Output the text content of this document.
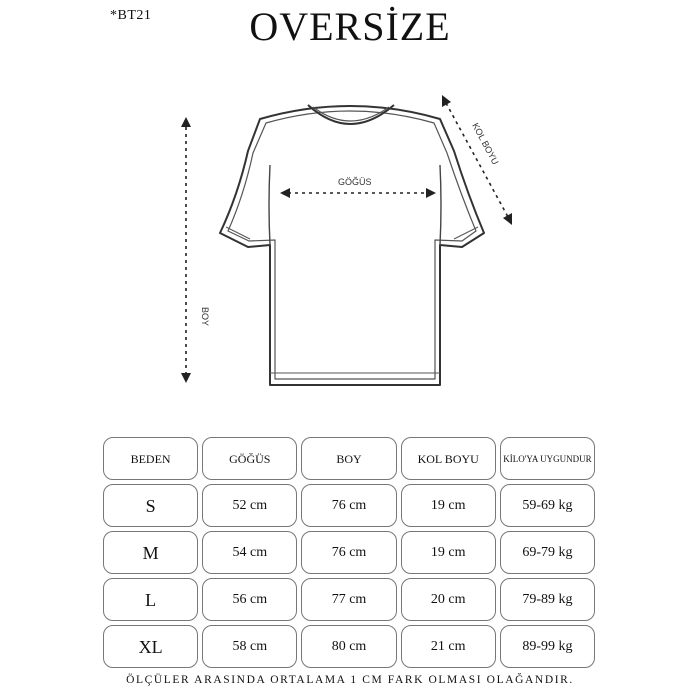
*BT21	OVERSİZE
GÖĞÜS
BOY
KOL BOYU
BEDEN	GÖĞÜS	BOY	KOL BOYU	KİLO'YA UYGUNDUR
S	52 cm	76 cm	19 cm	59-69 kg
M	54 cm	76 cm	19 cm	69-79 kg
L	56 cm	77 cm	20 cm	79-89 kg
XL	58 cm	80 cm	21 cm	89-99 kg
ÖLÇÜLER ARASINDA ORTALAMA 1 CM FARK OLMASI OLAĞANDIR.
